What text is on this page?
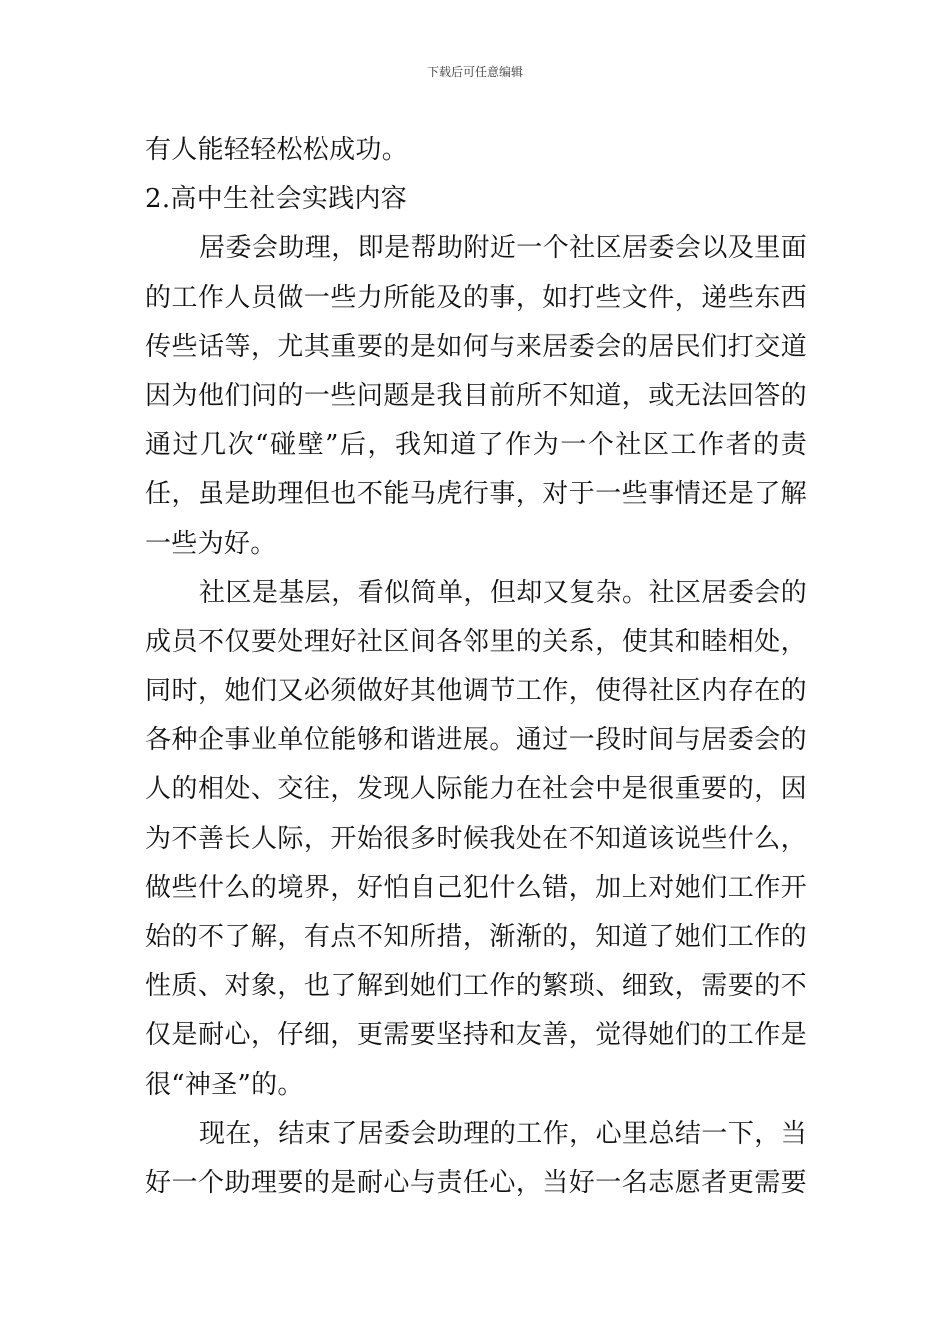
下载后可任意编辑
有人能轻轻松松成功。
2.高中生社会实践内容
居委会助理，即是帮助附近一个社区居委会以及里面
的工作人员做一些力所能及的事，如打些文件，递些东西
传些话等，尤其重要的是如何与来居委会的居民们打交道
因为他们问的一些问题是我目前所不知道，或无法回答的
通过几次“碰壁”后，我知道了作为一个社区工作者的责
任，虽是助理但也不能马虎行事，对于一些事情还是了解
一些为好。
社区是基层，看似简单，但却又复杂。社区居委会的
成员不仅要处理好社区间各邻里的关系，使其和睦相处，
同时，她们又必须做好其他调节工作，使得社区内存在的
各种企事业单位能够和谐进展。通过一段时间与居委会的
人的相处、交往，发现人际能力在社会中是很重要的，因
为不善长人际，开始很多时候我处在不知道该说些什么，
做些什么的境界，好怕自己犯什么错，加上对她们工作开
始的不了解，有点不知所措，渐渐的，知道了她们工作的
性质、对象，也了解到她们工作的繁琐、细致，需要的不
仅是耐心，仔细，更需要坚持和友善，觉得她们的工作是
很“神圣”的。
现在，结束了居委会助理的工作，心里总结一下，当
好一个助理要的是耐心与责任心，当好一名志愿者更需要
